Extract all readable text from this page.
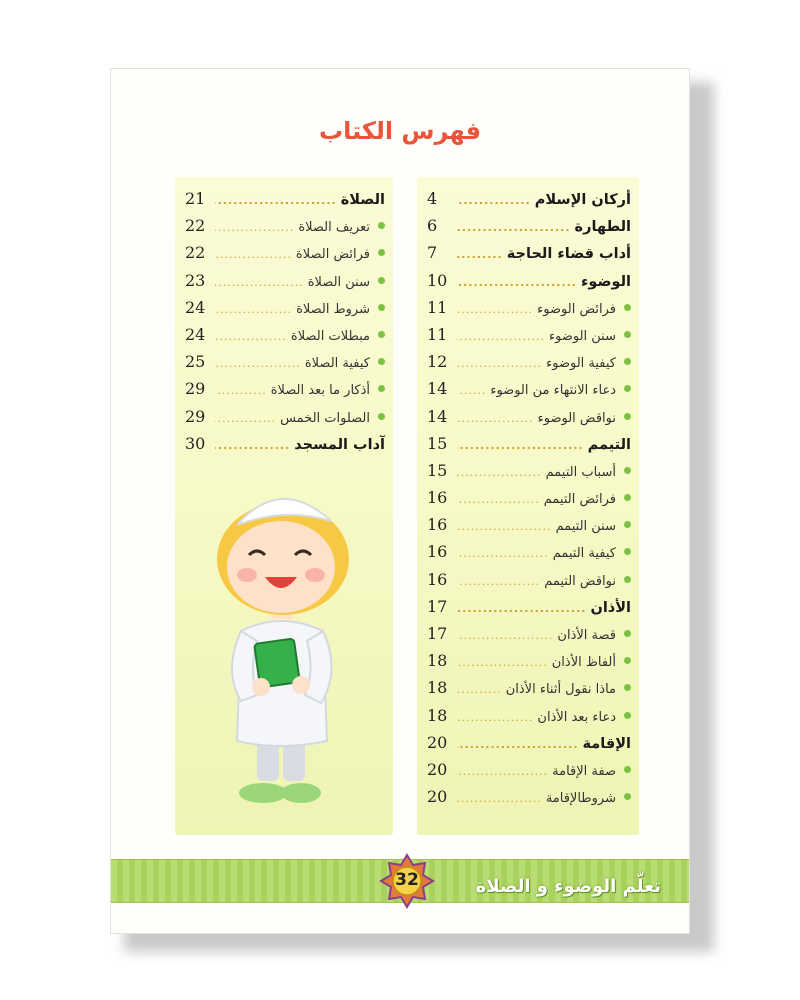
فهرس الكتاب
أركان الإسلام
.....
4
الطهارة
.....
6
أداب قضاء الحاجة
.....
7
الوضوء
.....
10
فرائض الوضوء
.....
11
سنن الوضوء
.....
11
كيفية الوضوء
.....
12
دعاء الانتهاء من الوضوء
.....
14
نواقض الوضوء
.....
14
التيمم
.....
15
أسباب التيمم
.....
15
فرائض التيمم
.....
16
سنن التيمم
.....
16
كيفية التيمم
.....
16
نواقض التيمم
.....
16
الأذان
.....
17
قصة الأذان
.....
17
ألفاظ الأذان
.....
18
ماذا نقول أثناء الأذان
.....
18
دعاء بعد الأذان
.....
18
الإقامة
.....
20
صفة الإقامة
.....
20
شروطالإقامة
.....
20
الصلاة
.....
21
تعريف الصلاة
.....
22
فرائض الصلاة
.....
22
سنن الصلاة
.....
23
شروط الصلاة
.....
24
مبطلات الصلاة
.....
24
كيفية الصلاة
.....
25
أذكار ما بعد الصلاة
.....
29
الصلوات الخمس
.....
29
آداب المسجد
.....
30
تعلّم الوضوء و الصلاة
32
